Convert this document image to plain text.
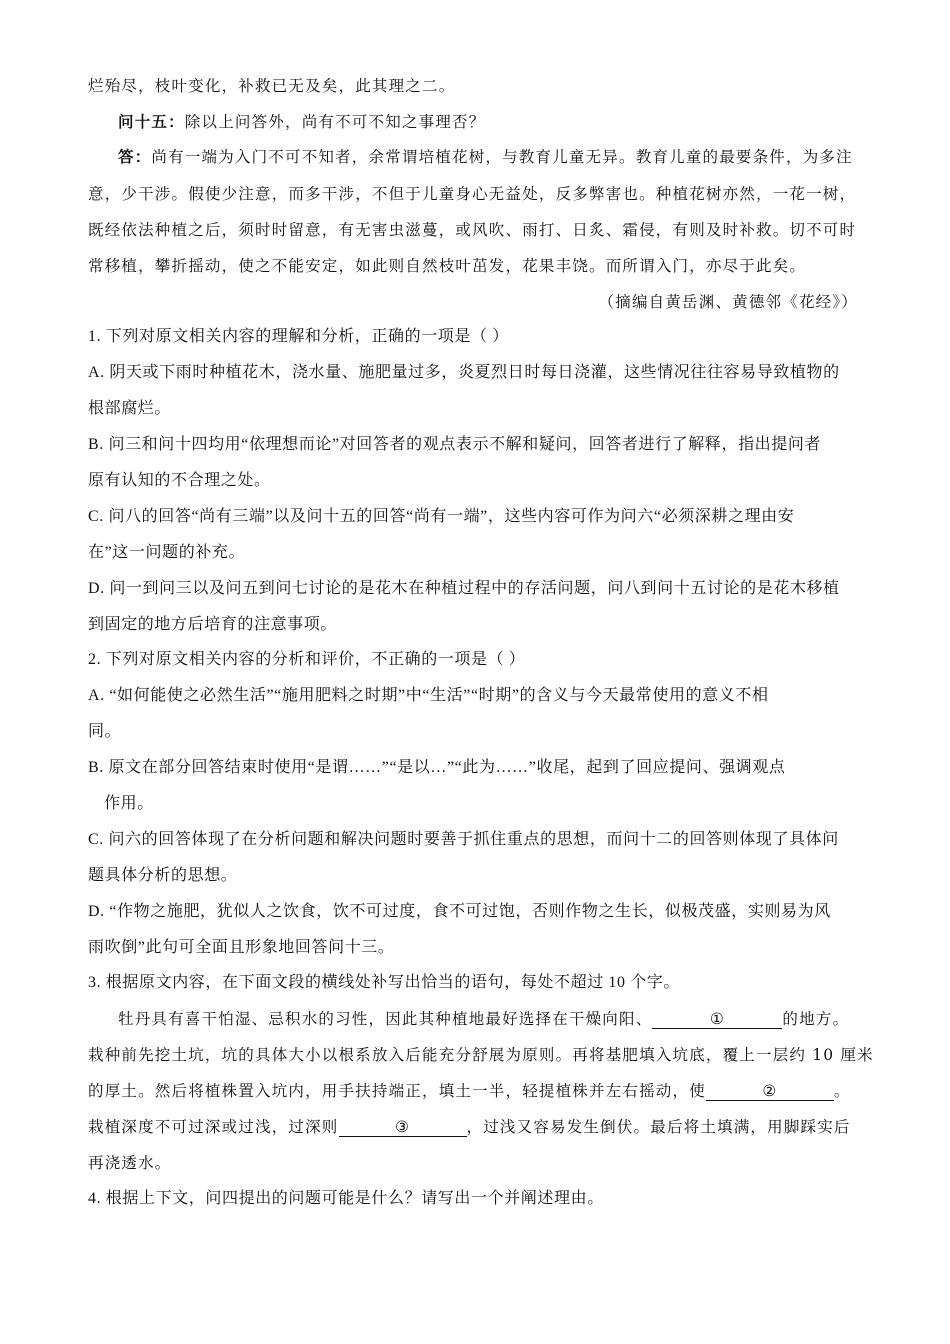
烂殆尽，枝叶变化，补救已无及矣，此其理之二。
问十五：除以上问答外，尚有不可不知之事理否？
答：尚有一端为入门不可不知者，余常谓培植花树，与教育儿童无异。教育儿童的最要条件，为多注
意，少干涉。假使少注意，而多干涉，不但于儿童身心无益处，反多弊害也。种植花树亦然，一花一树，
既经依法种植之后，须时时留意，有无害虫滋蔓，或风吹、雨打、日炙、霜侵，有则及时补救。切不可时
常移植，攀折摇动，使之不能安定，如此则自然枝叶茁发，花果丰饶。而所谓入门，亦尽于此矣。
（摘编自黄岳渊、黄德邻《花经》）
1. 下列对原文相关内容的理解和分析，正确的一项是（ ）
A. 阴天或下雨时种植花木，浇水量、施肥量过多，炎夏烈日时每日浇灌，这些情况往往容易导致植物的
根部腐烂。
B. 问三和问十四均用“依理想而论”对回答者的观点表示不解和疑问，回答者进行了解释，指出提问者
原有认知的不合理之处。
C. 问八的回答“尚有三端”以及问十五的回答“尚有一端”，这些内容可作为问六“必须深耕之理由安
在”这一问题的补充。
D. 问一到问三以及问五到问七讨论的是花木在种植过程中的存活问题，问八到问十五讨论的是花木移植
到固定的地方后培育的注意事项。
2. 下列对原文相关内容的分析和评价，不正确的一项是（ ）
A. “如何能使之必然生活”“施用肥料之时期”中“生活”“时期”的含义与今天最常使用的意义不相
同。
B. 原文在部分回答结束时使用“是谓……”“是以…”“此为……”收尾，起到了回应提问、强调观点
作用。
C. 问六的回答体现了在分析问题和解决问题时要善于抓住重点的思想，而问十二的回答则体现了具体问
题具体分析的思想。
D. “作物之施肥，犹似人之饮食，饮不可过度，食不可过饱，否则作物之生长，似极茂盛，实则易为风
雨吹倒”此句可全面且形象地回答问十三。
3. 根据原文内容，在下面文段的横线处补写出恰当的语句，每处不超过 10 个字。
牡丹具有喜干怕湿、忌积水的习性，因此其种植地最好选择在干燥向阳、	①	的地方。
栽种前先挖土坑，坑的具体大小以根系放入后能充分舒展为原则。再将基肥填入坑底，覆上一层约 10 厘米
的厚土。然后将植株置入坑内，用手扶持端正，填土一半，轻提植株并左右摇动，使	②	。
栽植深度不可过深或过浅，过深则	③	，过浅又容易发生倒伏。最后将土填满，用脚踩实后
再浇透水。
4. 根据上下文，问四提出的问题可能是什么？请写出一个并阐述理由。
